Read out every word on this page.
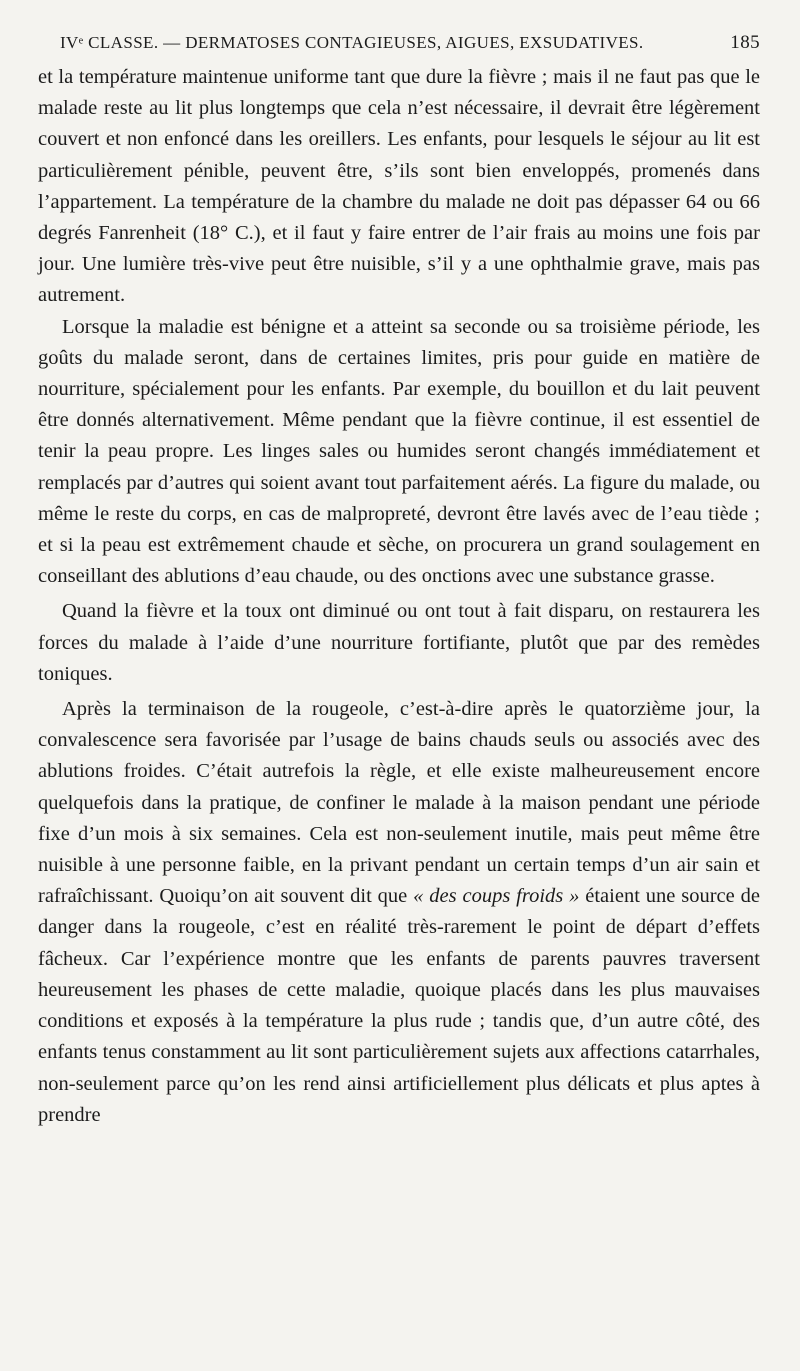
IVᵉ CLASSE. — DERMATOSES CONTAGIEUSES, AIGUES, EXSUDATIVES.	185

et la température maintenue uniforme tant que dure la fièvre ; mais il ne faut pas que le malade reste au lit plus longtemps que cela n’est nécessaire, il devrait être légèrement couvert et non enfoncé dans les oreillers. Les enfants, pour lesquels le séjour au lit est particulièrement pénible, peuvent être, s’ils sont bien enveloppés, promenés dans l’appartement. La température de la chambre du malade ne doit pas dépasser 64 ou 66 degrés Fanrenheit (18° C.), et il faut y faire entrer de l’air frais au moins une fois par jour. Une lumière très-vive peut être nuisible, s’il y a une ophthalmie grave, mais pas autrement.

Lorsque la maladie est bénigne et a atteint sa seconde ou sa troisième période, les goûts du malade seront, dans de certaines limites, pris pour guide en matière de nourriture, spécialement pour les enfants. Par exemple, du bouillon et du lait peuvent être donnés alternativement. Même pendant que la fièvre continue, il est essentiel de tenir la peau propre. Les linges sales ou humides seront changés immédiatement et remplacés par d’autres qui soient avant tout parfaitement aérés. La figure du malade, ou même le reste du corps, en cas de malpropreté, devront être lavés avec de l’eau tiède ; et si la peau est extrêmement chaude et sèche, on procurera un grand soulagement en conseillant des ablutions d’eau chaude, ou des onctions avec une substance grasse.

Quand la fièvre et la toux ont diminué ou ont tout à fait disparu, on restaurera les forces du malade à l’aide d’une nourriture fortifiante, plutôt que par des remèdes toniques.

Après la terminaison de la rougeole, c’est-à-dire après le quatorzième jour, la convalescence sera favorisée par l’usage de bains chauds seuls ou associés avec des ablutions froides. C’était autrefois la règle, et elle existe malheureusement encore quelquefois dans la pratique, de confiner le malade à la maison pendant une période fixe d’un mois à six semaines. Cela est non-seulement inutile, mais peut même être nuisible à une personne faible, en la privant pendant un certain temps d’un air sain et rafraîchissant. Quoiqu’on ait souvent dit que « des coups froids » étaient une source de danger dans la rougeole, c’est en réalité très-rarement le point de départ d’effets fâcheux. Car l’expérience montre que les enfants de parents pauvres traversent heureusement les phases de cette maladie, quoique placés dans les plus mauvaises conditions et exposés à la température la plus rude ; tandis que, d’un autre côté, des enfants tenus constamment au lit sont particulièrement sujets aux affections catarrhales, non-seulement parce qu’on les rend ainsi artificiellement plus délicats et plus aptes à prendre
